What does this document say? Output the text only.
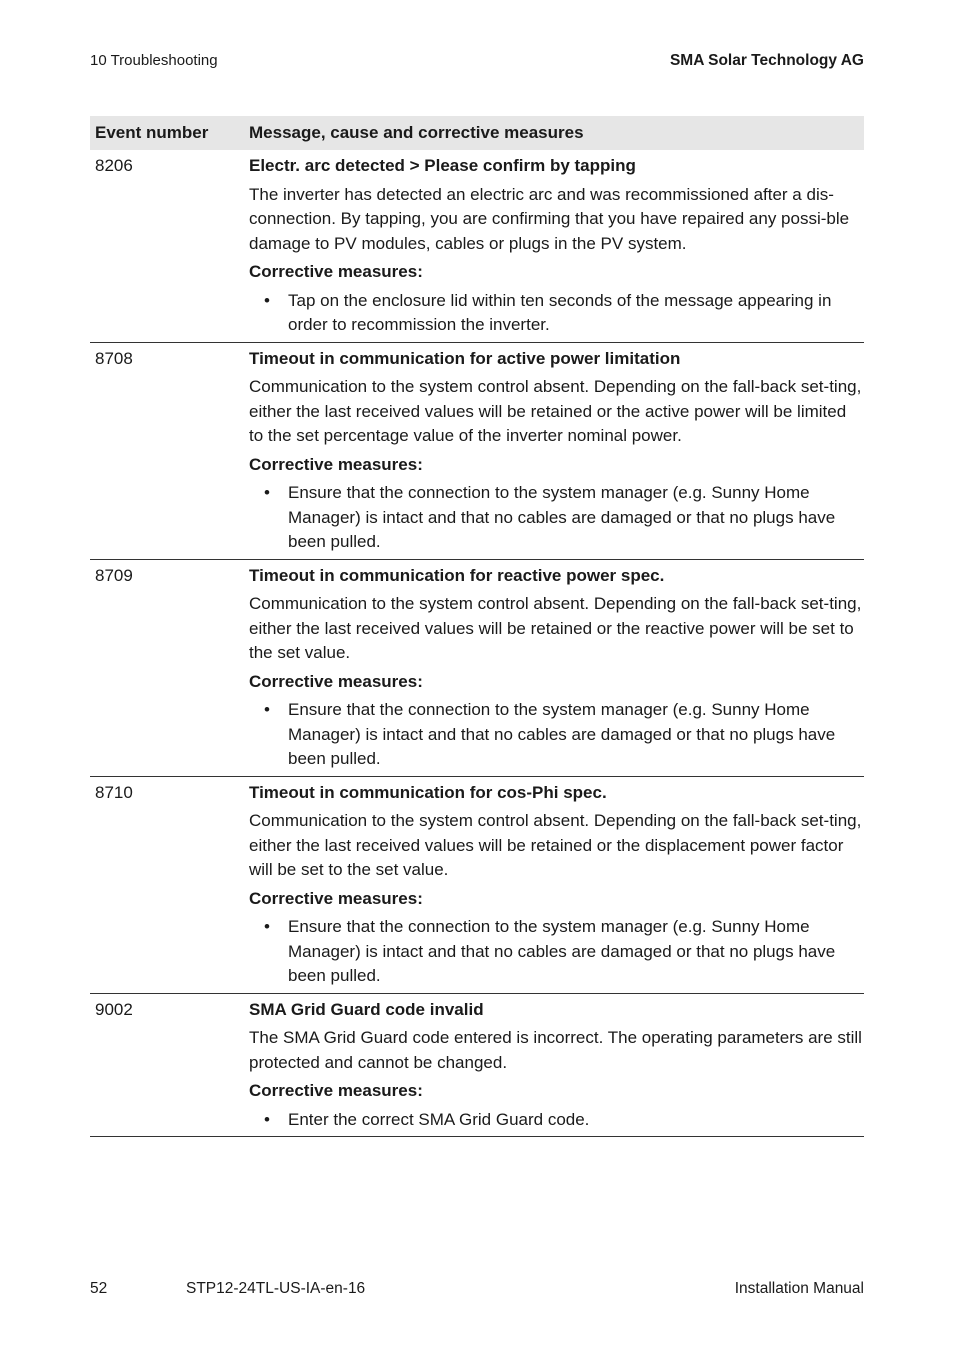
10 Troubleshooting	SMA Solar Technology AG
Event number	Message, cause and corrective measures
8206	Electr. arc detected > Please confirm by tapping
The inverter has detected an electric arc and was recommissioned after a dis-connection. By tapping, you are confirming that you have repaired any possi-ble damage to PV modules, cables or plugs in the PV system.
Corrective measures:
• Tap on the enclosure lid within ten seconds of the message appearing in order to recommission the inverter.
8708	Timeout in communication for active power limitation
Communication to the system control absent. Depending on the fall-back set-ting, either the last received values will be retained or the active power will be limited to the set percentage value of the inverter nominal power.
Corrective measures:
• Ensure that the connection to the system manager (e.g. Sunny Home Manager) is intact and that no cables are damaged or that no plugs have been pulled.
8709	Timeout in communication for reactive power spec.
Communication to the system control absent. Depending on the fall-back set-ting, either the last received values will be retained or the reactive power will be set to the set value.
Corrective measures:
• Ensure that the connection to the system manager (e.g. Sunny Home Manager) is intact and that no cables are damaged or that no plugs have been pulled.
8710	Timeout in communication for cos-Phi spec.
Communication to the system control absent. Depending on the fall-back set-ting, either the last received values will be retained or the displacement power factor will be set to the set value.
Corrective measures:
• Ensure that the connection to the system manager (e.g. Sunny Home Manager) is intact and that no cables are damaged or that no plugs have been pulled.
9002	SMA Grid Guard code invalid
The SMA Grid Guard code entered is incorrect. The operating parameters are still protected and cannot be changed.
Corrective measures:
• Enter the correct SMA Grid Guard code.
52	STP12-24TL-US-IA-en-16	Installation Manual
